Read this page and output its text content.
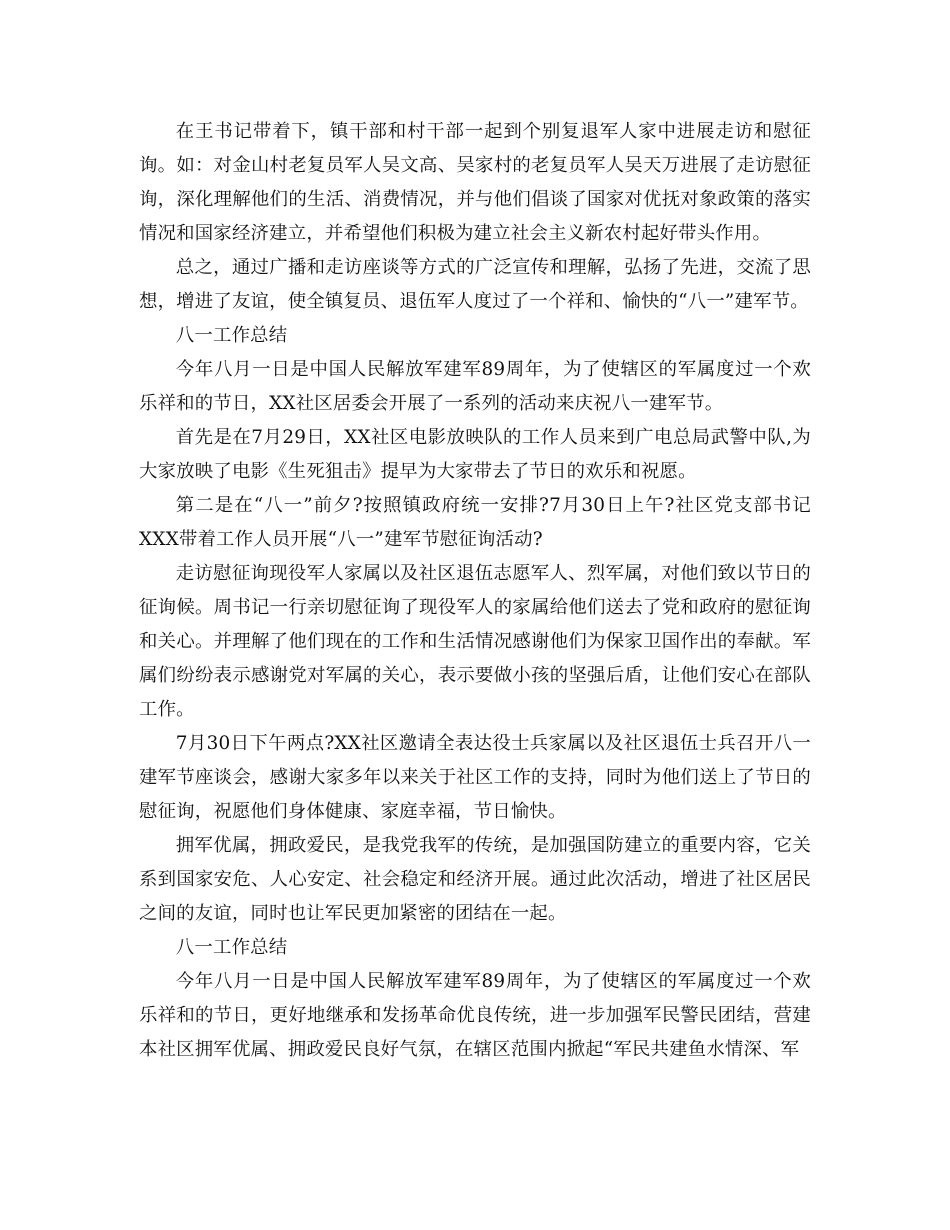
在王书记带着下，镇干部和村干部一起到个别复退军人家中进展走访和慰征询。如：对金山村老复员军人吴文高、吴家村的老复员军人吴天万进展了走访慰征询，深化理解他们的生活、消费情况，并与他们倡谈了国家对优抚对象政策的落实情况和国家经济建立，并希望他们积极为建立社会主义新农村起好带头作用。

总之，通过广播和走访座谈等方式的广泛宣传和理解，弘扬了先进，交流了思想，增进了友谊，使全镇复员、退伍军人度过了一个祥和、愉快的“八一”建军节。

八一工作总结

今年八月一日是中国人民解放军建军89周年，为了使辖区的军属度过一个欢乐祥和的节日，XX社区居委会开展了一系列的活动来庆祝八一建军节。

首先是在7月29日，XX社区电影放映队的工作人员来到广电总局武警中队,为大家放映了电影《生死狙击》提早为大家带去了节日的欢乐和祝愿。

第二是在“八一”前夕?按照镇政府统一安排?7月30日上午?社区党支部书记XXX带着工作人员开展“八一”建军节慰征询活动?

走访慰征询现役军人家属以及社区退伍志愿军人、烈军属，对他们致以节日的征询候。周书记一行亲切慰征询了现役军人的家属给他们送去了党和政府的慰征询和关心。并理解了他们现在的工作和生活情况感谢他们为保家卫国作出的奉献。军属们纷纷表示感谢党对军属的关心，表示要做小孩的坚强后盾，让他们安心在部队工作。

7月30日下午两点?XX社区邀请全表达役士兵家属以及社区退伍士兵召开八一建军节座谈会，感谢大家多年以来关于社区工作的支持，同时为他们送上了节日的慰征询，祝愿他们身体健康、家庭幸福，节日愉快。

拥军优属，拥政爱民，是我党我军的传统，是加强国防建立的重要内容，它关系到国家安危、人心安定、社会稳定和经济开展。通过此次活动，增进了社区居民之间的友谊，同时也让军民更加紧密的团结在一起。

八一工作总结

今年八月一日是中国人民解放军建军89周年，为了使辖区的军属度过一个欢乐祥和的节日，更好地继承和发扬革命优良传统，进一步加强军民警民团结，营建本社区拥军优属、拥政爱民良好气氛，在辖区范围内掀起“军民共建鱼水情深、军
